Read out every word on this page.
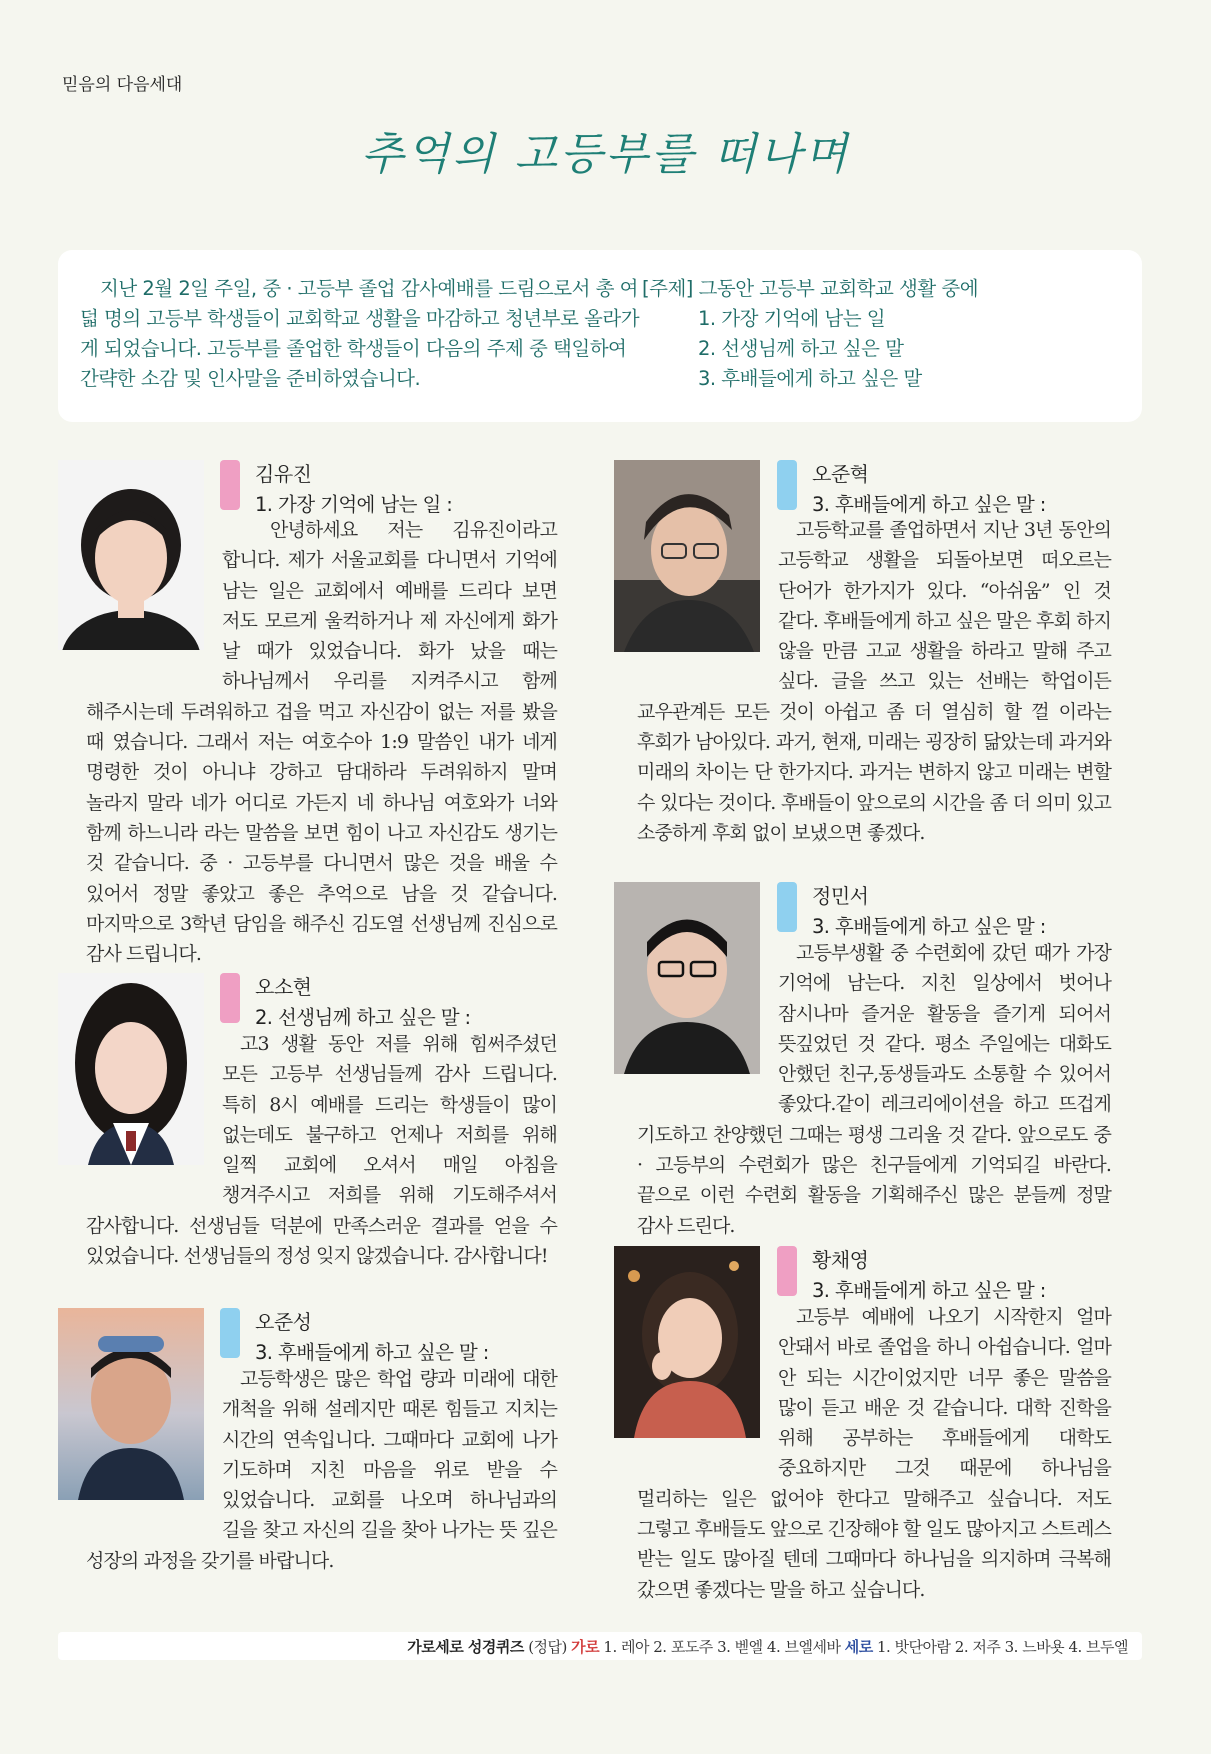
믿음의 다음세대
추억의 고등부를 떠나며
지난 2월 2일 주일, 중 · 고등부 졸업 감사예배를 드림으로서 총 여덟 명의 고등부 학생들이 교회학교 생활을 마감하고 청년부로 올라가게 되었습니다. 고등부를 졸업한 학생들이 다음의 주제 중 택일하여 간략한 소감 및 인사말을 준비하였습니다.
[주제] 그동안 고등부 교회학교 생활 중에
1. 가장 기억에 남는 일
2. 선생님께 하고 싶은 말
3. 후배들에게 하고 싶은 말
김유진
1. 가장 기억에 남는 일 :
안녕하세요 저는 김유진이라고 합니다. 제가 서울교회를 다니면서 기억에 남는 일은 교회에서 예배를 드리다 보면 저도 모르게 울컥하거나 제 자신에게 화가 날 때가 있었습니다. 화가 났을 때는 하나님께서 우리를 지켜주시고 함께 해주시는데 두려워하고 겁을 먹고 자신감이 없는 저를 봤을 때 였습니다. 그래서 저는 여호수아 1:9 말씀인 내가 네게 명령한 것이 아니냐 강하고 담대하라 두려워하지 말며 놀라지 말라 네가 어디로 가든지 네 하나님 여호와가 너와 함께 하느니라 라는 말씀을 보면 힘이 나고 자신감도 생기는 것 같습니다. 중 · 고등부를 다니면서 많은 것을 배울 수 있어서 정말 좋았고 좋은 추억으로 남을 것 같습니다. 마지막으로 3학년 담임을 해주신 김도열 선생님께 진심으로 감사 드립니다.
오소현
2. 선생님께 하고 싶은 말 :
고3 생활 동안 저를 위해 힘써주셨던 모든 고등부 선생님들께 감사 드립니다. 특히 8시 예배를 드리는 학생들이 많이 없는데도 불구하고 언제나 저희를 위해 일찍 교회에 오셔서 매일 아침을 챙겨주시고 저희를 위해 기도해주셔서 감사합니다. 선생님들 덕분에 만족스러운 결과를 얻을 수 있었습니다. 선생님들의 정성 잊지 않겠습니다. 감사합니다!
오준성
3. 후배들에게 하고 싶은 말 :
고등학생은 많은 학업 량과 미래에 대한 개척을 위해 설레지만 때론 힘들고 지치는 시간의 연속입니다. 그때마다 교회에 나가 기도하며 지친 마음을 위로 받을 수 있었습니다. 교회를 나오며 하나님과의 길을 찾고 자신의 길을 찾아 나가는 뜻 깊은 성장의 과정을 갖기를 바랍니다.
오준혁
3. 후배들에게 하고 싶은 말 :
고등학교를 졸업하면서 지난 3년 동안의 고등학교 생활을 되돌아보면 떠오르는 단어가 한가지가 있다. “아쉬움” 인 것 같다. 후배들에게 하고 싶은 말은 후회 하지 않을 만큼 고교 생활을 하라고 말해 주고 싶다. 글을 쓰고 있는 선배는 학업이든 교우관계든 모든 것이 아쉽고 좀 더 열심히 할 껄 이라는 후회가 남아있다. 과거, 현재, 미래는 굉장히 닮았는데 과거와 미래의 차이는 단 한가지다. 과거는 변하지 않고 미래는 변할 수 있다는 것이다. 후배들이 앞으로의 시간을 좀 더 의미 있고 소중하게 후회 없이 보냈으면 좋겠다.
정민서
3. 후배들에게 하고 싶은 말 :
고등부생활 중 수련회에 갔던 때가 가장 기억에 남는다. 지친 일상에서 벗어나 잠시나마 즐거운 활동을 즐기게 되어서 뜻깊었던 것 같다. 평소 주일에는 대화도 안했던 친구,동생들과도 소통할 수 있어서 좋았다.같이 레크리에이션을 하고 뜨겁게 기도하고 찬양했던 그때는 평생 그리울 것 같다. 앞으로도 중 · 고등부의 수련회가 많은 친구들에게 기억되길 바란다. 끝으로 이런 수련회 활동을 기획해주신 많은 분들께 정말 감사 드린다.
황채영
3. 후배들에게 하고 싶은 말 :
고등부 예배에 나오기 시작한지 얼마 안돼서 바로 졸업을 하니 아쉽습니다. 얼마 안 되는 시간이었지만 너무 좋은 말씀을 많이 듣고 배운 것 같습니다. 대학 진학을 위해 공부하는 후배들에게 대학도 중요하지만 그것 때문에 하나님을 멀리하는 일은 없어야 한다고 말해주고 싶습니다. 저도 그렇고 후배들도 앞으로 긴장해야 할 일도 많아지고 스트레스 받는 일도 많아질 텐데 그때마다 하나님을 의지하며 극복해 갔으면 좋겠다는 말을 하고 싶습니다.
가로세로 성경퀴즈 (정답) 가로 1. 레아 2. 포도주 3. 벧엘 4. 브엘세바 세로 1. 밧단아람 2. 저주 3. 느바욧 4. 브두엘
